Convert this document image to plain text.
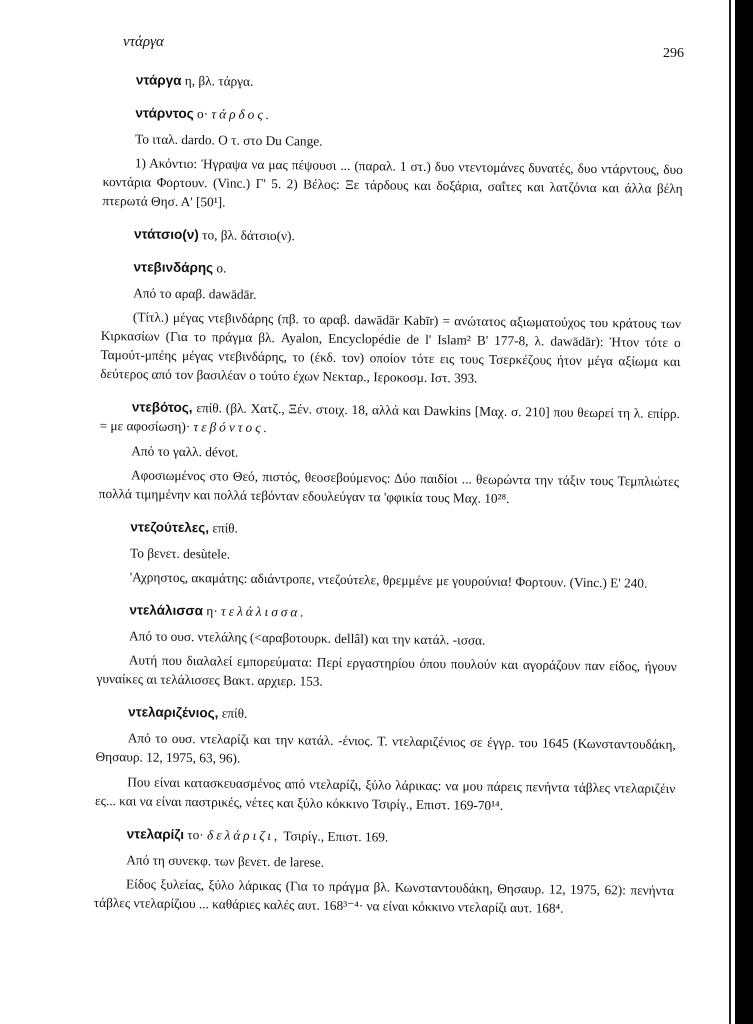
ντάργα
296
ντάργα η, βλ. τάργα.
ντάρντος ο· τάρδος.
Το ιταλ. dardo. Ο τ. στο Du Cange.

1) Ακόντιο: Ἠγραψα να μας πέψουσι ... (παραλ. 1 στ.) δυο ντεντομάνες δυνατές, δυο ντάρντους, δυο κοντάρια Φορτουν. (Vinc.) Γ' 5. 2) Βέλος: Ξε τάρδους και δοξάρια, σαΐτες και λατζόνια και άλλα βέλη πτερωτά Θησ. Α' [50¹].

ντάτσιο(ν) το, βλ. δάτσιο(ν).
ντεβινδάρης ο.
Από το αραβ. dawādār.

(Τίτλ.) μέγας ντεβινδάρης (πβ. το αραβ. dawādār Kabīr) = ανώτατος αξιωματούχος του κράτους των Κιρκασίων (Για το πράγμα βλ. Ayalon, Encyclopédie de l' Islam² Β' 177-8, λ. dawādār): Ἠτον τότε ο Ταμούτ-μπέης μέγας ντεβινδάρης, το (έκδ. τον) οποίον τότε εις τους Τσερκέζους ήτον μέγα αξίωμα και δεύτερος από τον βασιλέαν ο τούτο έχων Νεκταρ., Ιεροκοσμ. Ιστ. 393.

ντεβότος, επίθ. (βλ. Χατζ., Ξέν. στοιχ. 18, αλλά και Dawkins [Μαχ. σ. 210] που θεωρεί τη λ. επίρρ. = με αφοσίωση)· τεβόντος.

Από το γαλλ. dévot.

Αφοσιωμένος στο Θεό, πιστός, θεοσεβούμενος: Δύο παιδίοι ... θεωρώντα την τάξιν τους Τεμπλιώτες πολλά τιμημένην και πολλά τεβόνταν εδουλεύγαν τα 'φφικία τους Μαχ. 10²⁸.

ντεζούτελες, επίθ.
Το βενετ. desùtele.

'Αχρηστος, ακαμάτης: αδιάντροπε, ντεζούτελε, θρεμμένε με γουρούνια! Φορτουν. (Vinc.) Ε' 240.

ντελάλισσα η· τελάλισσα.
Από το ουσ. ντελάλης (<αραβοτουρκ. dellâl) και την κατάλ. -ισσα.

Αυτή που διαλαλεί εμπορεύματα: Περί εργαστηρίου όπου πουλούν και αγοράζουν παν είδος, ήγουν γυναίκες αι τελάλισσες Βακτ. αρχιερ. 153.

ντελαριζένιος, επίθ.

Από το ουσ. ντελαρίζι και την κατάλ. -ένιος. Τ. ντελαριζένιος σε έγγρ. του 1645 (Κωνσταντουδάκη, Θησαυρ. 12, 1975, 63, 96).

Που είναι κατασκευασμένος από ντελαρίζι, ξύλο λάρικας: να μου πάρεις πενήντα τάβλες ντελαριζέιν ες... και να είναι παστρικές, νέτες και ξύλο κόκκινο Τσιρίγ., Επιστ. 169-70¹⁴.

ντελαρίζι το· δελάριζι, Τσιρίγ., Επιστ. 169.
Από τη συνεκφ. των βενετ. de larese.

Είδος ξυλείας, ξύλο λάρικας (Για το πράγμα βλ. Κωνσταντουδάκη, Θησαυρ. 12, 1975, 62): πενήντα τάβλες ντελαρίζιου ... καθάριες καλές αυτ. 168³⁻⁴· να είναι κόκκινο ντελαρίζι αυτ. 168⁴.
